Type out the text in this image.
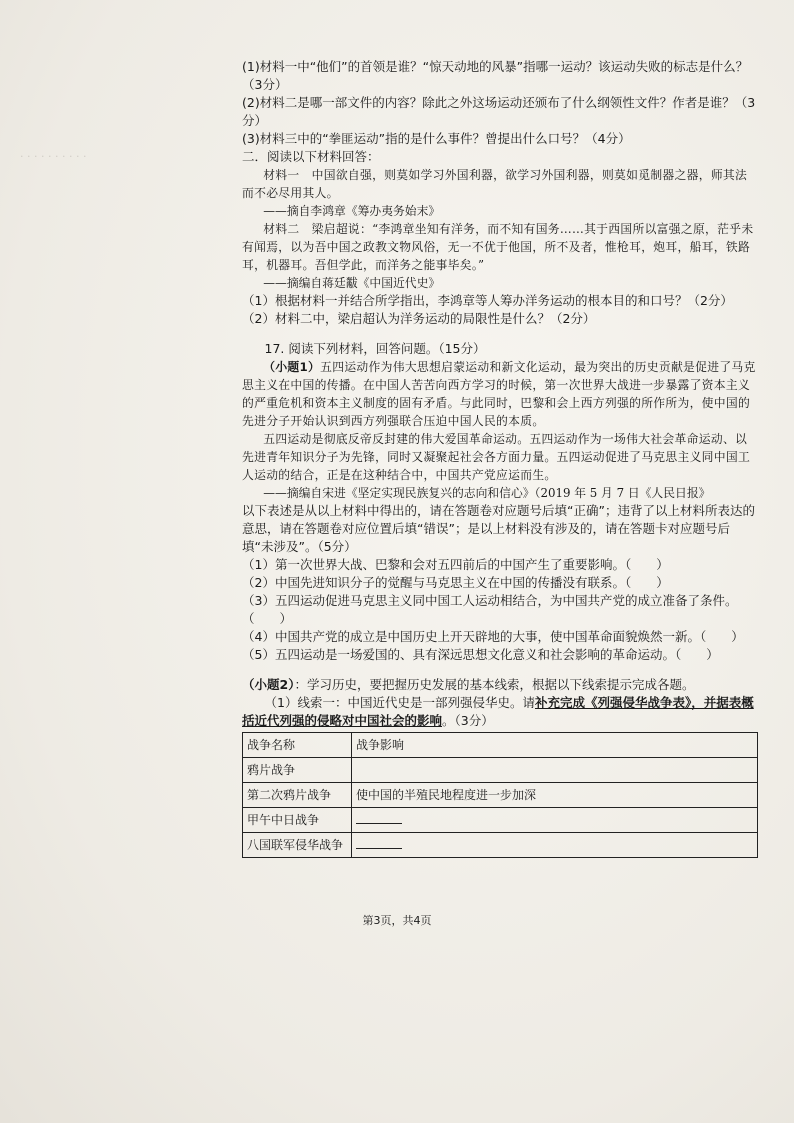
· · · · · · · · · ·

(1)材料一中“他们”的首领是谁？“惊天动地的风暴”指哪一运动？该运动失败的标志是什么？（3分）

(2)材料二是哪一部文件的内容？除此之外这场运动还颁布了什么纲领性文件？作者是谁？（3分）

(3)材料三中的“拳匪运动”指的是什么事件？曾提出什么口号？（4分）

二．阅读以下材料回答：

材料一　中国欲自强，则莫如学习外国利器，欲学习外国利器，则莫如觅制器之器，师其法而不必尽用其人。

——摘自李鸿章《筹办夷务始末》

材料二　梁启超说：“李鸿章坐知有洋务，而不知有国务……其于西国所以富强之原，茫乎未有闻焉，以为吾中国之政教文物风俗，无一不优于他国，所不及者，惟枪耳，炮耳，船耳，铁路耳，机器耳。吾但学此，而洋务之能事毕矣。”

——摘编自蒋廷黻《中国近代史》

（1）根据材料一并结合所学指出，李鸿章等人筹办洋务运动的根本目的和口号？（2分）

（2）材料二中，梁启超认为洋务运动的局限性是什么？（2分）

17. 阅读下列材料，回答问题。（15分）

（小题1）五四运动作为伟大思想启蒙运动和新文化运动，最为突出的历史贡献是促进了马克思主义在中国的传播。在中国人苦苦向西方学习的时候，第一次世界大战进一步暴露了资本主义的严重危机和资本主义制度的固有矛盾。与此同时，巴黎和会上西方列强的所作所为，使中国的先进分子开始认识到西方列强联合压迫中国人民的本质。

五四运动是彻底反帝反封建的伟大爱国革命运动。五四运动作为一场伟大社会革命运动、以先进青年知识分子为先锋，同时又凝聚起社会各方面力量。五四运动促进了马克思主义同中国工人运动的结合，正是在这种结合中，中国共产党应运而生。

——摘编自宋进《坚定实现民族复兴的志向和信心》（2019 年 5 月 7 日《人民日报》

以下表述是从以上材料中得出的，请在答题卷对应题号后填“正确”；违背了以上材料所表达的意思，请在答题卷对应位置后填“错误”；是以上材料没有涉及的，请在答题卡对应题号后填“未涉及”。（5分）

（1）第一次世界大战、巴黎和会对五四前后的中国产生了重要影响。（　　）

（2）中国先进知识分子的觉醒与马克思主义在中国的传播没有联系。（　　）

（3）五四运动促进马克思主义同中国工人运动相结合，为中国共产党的成立准备了条件。（　　）

（4）中国共产党的成立是中国历史上开天辟地的大事，使中国革命面貌焕然一新。（　　）

（5）五四运动是一场爱国的、具有深远思想文化意义和社会影响的革命运动。（　　）

（小题2）：学习历史，要把握历史发展的基本线索，根据以下线索提示完成各题。

（1）线索一：中国近代史是一部列强侵华史。请补充完成《列强侵华战争表》，并据表概括近代列强的侵略对中国社会的影响。（3分）

战争名称	战争影响
鸦片战争	
第二次鸦片战争	使中国的半殖民地程度进一步加深
甲午中日战争	
八国联军侵华战争	
第3页，共4页
